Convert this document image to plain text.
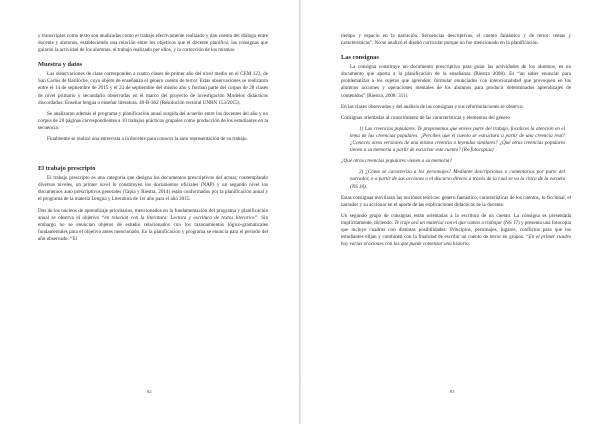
y transcriptas como texto son analizadas como el trabajo efectivamente realizado y dan cuenta del diálogo entre docente y alumnos, estableciendo una relación entre los objetivos que el docente planificó, las consignas que guiaron la actividad de los alumnos, el trabajo realizado por ellos, y la corrección de los mismos.

Muestra y datos

Las observaciones de clase corresponden a cuatro clases de primer año del nivel medio en el CEM 123, de San Carlos de Bariloche, cuyo objeto de enseñanza el género cuento de terror. Estas observaciones se realizaron entre el 14 de septiembre de 2015 y el 23 de septiembre del mismo año y forman parte del corpus de 28 clases de nivel primario y secundario observadas en el marco del proyecto de investigación Modelos didácticos discordados: Enseñar lengua o enseñar literatura. 40-B-362 (Resolución rectoral UNRN 153/2015).

Se analizaron además el programa y planificación anual surgida del acuerdo entre los docentes del año y un corpus de 28 páginas correspondientes a 10 trabajos prácticos grupales como producción de los estudiantes en la secuencia.

Finalmente se realizó una entrevista a la docente para conocer la auto representación de su trabajo.

El trabajo prescripto

El trabajo prescripto es una categoría que designa los documentos prescriptivos del actuar, contemplando diversos niveles, un primer nivel lo constituyen los documentos oficiales (NAP) y un segundo nivel los documentos auto prescriptivos generales (Tapia y Riestra, 2014) están conformados por la planificación anual y el programa de la materia Lengua y Literatura de 1er año para el año 2015.

Dos de los núcleos de aprendizaje prioritarios, mencionados en la fundamentación del programa y planificación anual se observa el objetivo “en relación con la literatura: Lectura y escritura de textos literarios”. Sin embargo no se enuncian objetos de estudio relacionados con los razonamientos lógico-gramaticales fundamentales para el objetivo antes mencionado. En la planificación y programa se enuncia para el período del año observado: “El

82

tiempo y espacio en la narración. Secuencias descriptivas, el cuento fantástico y de terror: temas y características”. No se analizó el diseño curricular porque no fue mencionado en la planificación.

Las consignas

La consigna constituye un documento prescriptivo para guiar las actividades de los alumnos, es un documento que aporta a la planificación de la enseñanza (Riestra 2008). Es “un saber enunciar para problematizar a los sujetos que aprenden: formular enunciados con intencionalidad que provoquen en los alumnos acciones y operaciones mentales de los alumnos para producir determinados aprendizajes de contenidos” (Riestra, 2008: 311).

En las clases observadas y del análisis de las consignas y sus reformulaciones se observa:

Consignas orientadas al conocimiento de las características y elementos del género

1) Las creencias populares. Te proponemos que envíes parte del trabajo, focalices la atención en el tema de las creencias populares. ¿Percibes que el cuento se estructura a partir de una creencia real? ¿Conoces otras versiones de una misma creencia o leyendas similares? ¿Qué otras creencias populares tienen a su memoria a partir de escuchar este cuento? (Ro fotocopias)

¿Qué otras creencias populares vienen a su memoria?

2) ¿Cómo se caracteriza a los personajes? Mediante descripciones o comentarios por parte del narrador, o a partir de sus acciones o el discurso directo a través de la cual se va la chica de la escuela (NS 16).

Estas consignas movilizan las nociones teóricas: género fantástico, características de los cuentos, lo ficcional, el narrador y su accionar en el aparte de las explicaciones didácticas de la docente.

Un segundo grupo de consignas están orientadas a la escritura de un cuento. La consigna es presentada implícitamente, diciendo: Te traje acá un material con el que vamos a trabajar (NS 17) y presenta una fotocopia que incluye cuadros con distintas posibilidades: Principios, personajes, lugares, conflictos para que los estudiantes elijan y combinen con la finalidad de escribir un cuento de terror en grupos. “En el primer cuadro hay varias oraciones con las que puede comenzar una historia.

83
